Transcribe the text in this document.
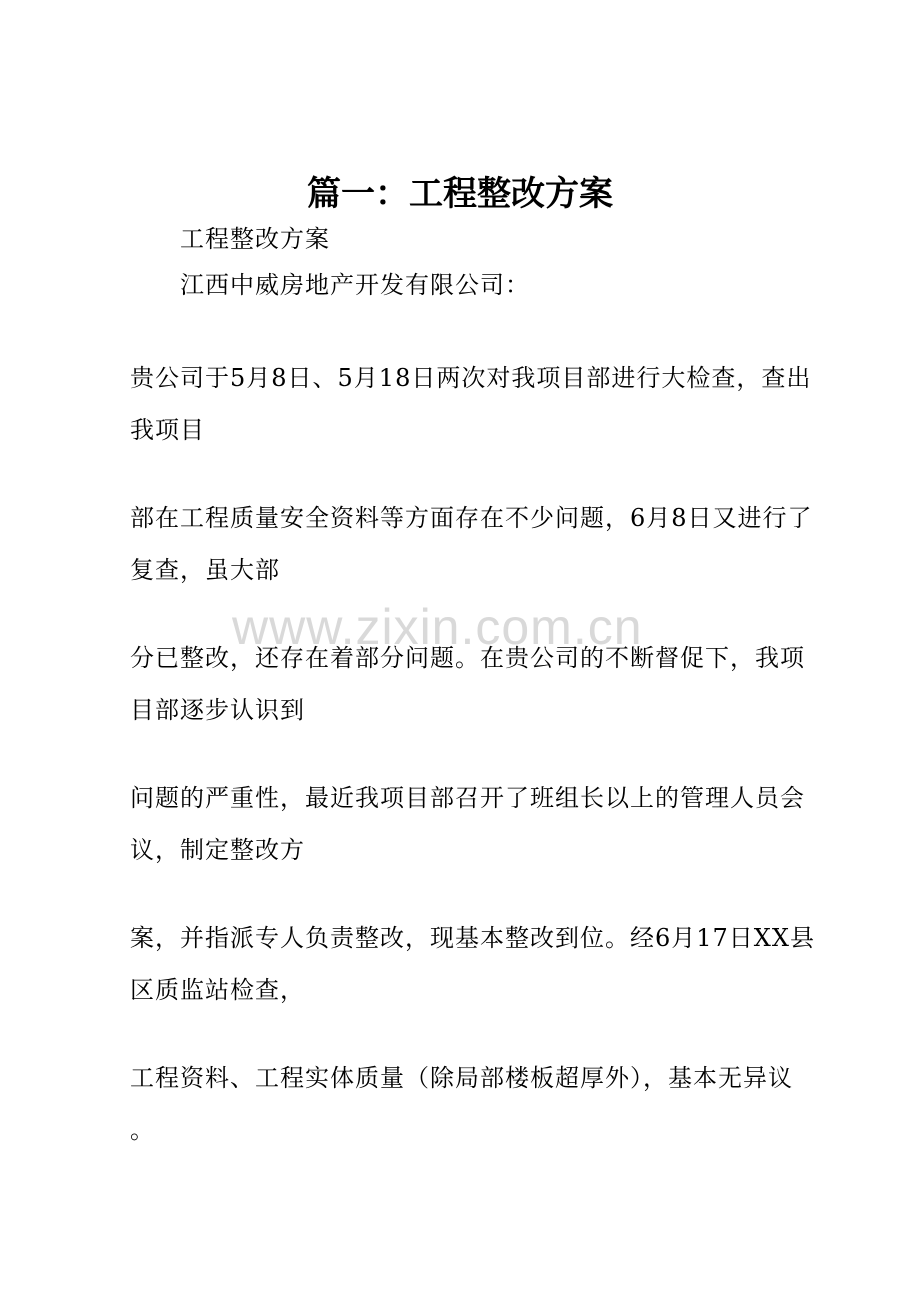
www.zixin.com.cn
篇一：工程整改方案
工程整改方案
江西中威房地产开发有限公司：
贵公司于5月8日、5月18日两次对我项目部进行大检查，查出
我项目
部在工程质量安全资料等方面存在不少问题，6月8日又进行了
复查，虽大部
分已整改，还存在着部分问题。在贵公司的不断督促下，我项
目部逐步认识到
问题的严重性，最近我项目部召开了班组长以上的管理人员会
议，制定整改方
案，并指派专人负责整改，现基本整改到位。经6月17日XX县
区质监站检查，
工程资料、工程实体质量（除局部楼板超厚外），基本无异议
。
